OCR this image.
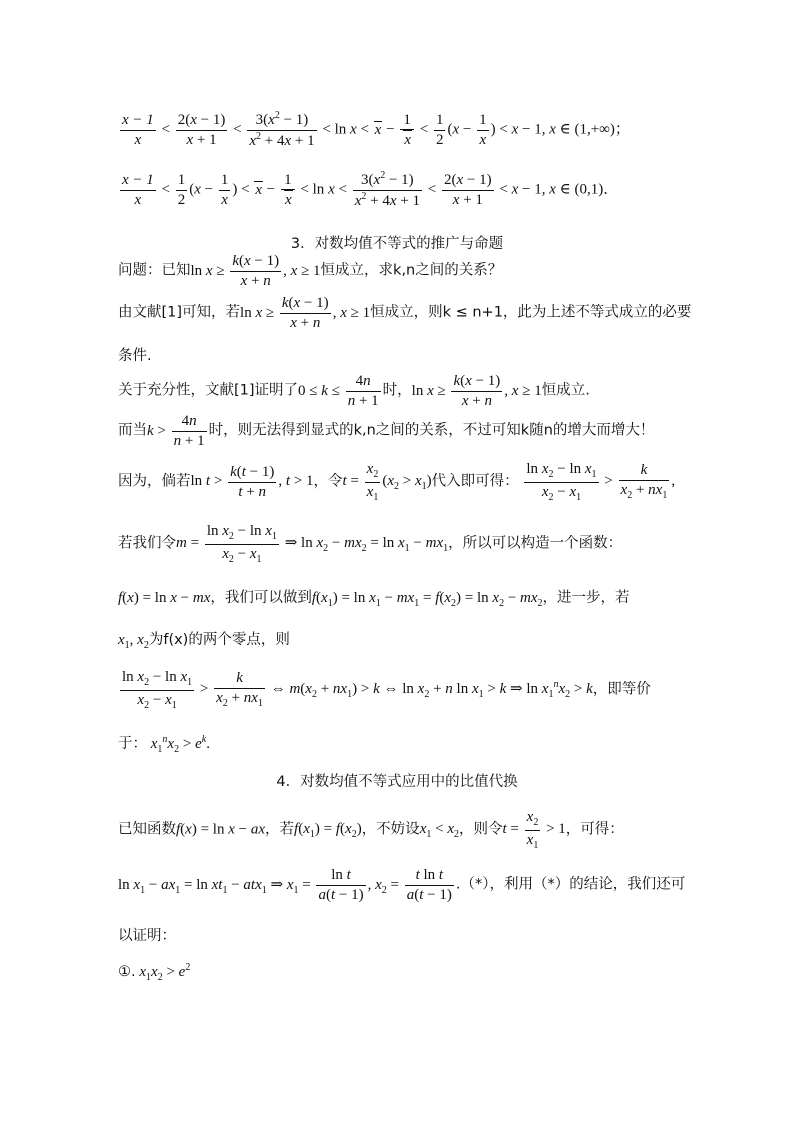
$\frac{x - 1}{x} < \frac{2(x - 1)}{x + 1} < \frac{3(x^2 - 1)}{x^2 + 4x + 1} < \ln x < x - \frac{1}{x} < \frac{1}{2} (x - \frac{1}{x}$ ) < x − 1, x ∈ (1,+∞)；
$\frac{x - 1}{x} < \frac{1}{2} (x - \frac{1}{x}$ ) < $x - \frac{1}{x} < \ln x < \frac{3(x^2 - 1)}{x^2 + 4x + 1} < \frac{2(x - 1)}{x + 1} < x - 1$, x ∈ (0,1)．
3．对数均值不等式的推广与命题
问题：已知$\ln x \ge \frac{k(x - 1)}{x + n}$ , x ≥ 1恒成立，求k,n之间的关系？
由文献[1]可知，若$\ln x \ge \frac{k(x - 1)}{x + n}$ , x ≥ 1恒成立，则k ≤ n+1，此为上述不等式成立的必要
条件.
关于充分性，文献[1]证明了$0 \le k \le \frac{4n}{n + 1}$ 时，$\ln x \ge \frac{k(x - 1)}{x + n}$ , x ≥ 1恒成立.
而当$k > \frac{4n}{n + 1}$ 时，则无法得到显式的k,n之间的关系，不过可知k随n的增大而增大！
因为，倘若$\ln t > \frac{k(t - 1)}{t + n}$ , t > 1，令$t = \frac{x_2}{x_1} (x_2 > x_1)$代入即可得： $\frac{\ln x_2 - \ln x_1}{x_2 - x_1} > \frac{k}{x_2 + nx_1}$ ,
若我们令$m = \frac{\ln x_2 - \ln x_1}{x_2 - x_1}$ ⇒ $\ln x_2 - mx_2 = \ln x_1 - mx_1$，所以可以构造一个函数：
f(x) = ln x − mx，我们可以做到$f(x_1) = \ln x_1 - mx_1 = f(x_2) = \ln x_2 - mx_2$，进一步，若
$x_1$, $x_2$为f(x)的两个零点，则
$\frac{\ln x_2 - \ln x_1}{x_2 - x_1} > \frac{k}{x_2 + nx_1}$ ⇔ $m(x_2 + nx_1) > k$ ⇔ $\ln x_2 + n$ $\ln x_1 > k$ ⇒ $\ln x_1^nx_2 > k$，即等价
于： $x_1^nx_2 > e^k$.
4．对数均值不等式应用中的比值代换
已知函数f(x) = ln x − ax，若$f(x_1) = f(x_2)$，不妨设$x_1 < x_2$，则令$t = \frac{x_2}{x_1} > 1$，可得：
$\ln x_1 - ax_1 = \ln xt_1 - atx_1$ ⇒ $x_1 = \frac{\text{ln t}}{a(t - 1)}$ , $x_2 = \frac{\text{t ln t}}{a(t - 1)}$ .（*），利用（*）的结论，我们还可
以证明：
①. $x_1x_2 > e^2$
